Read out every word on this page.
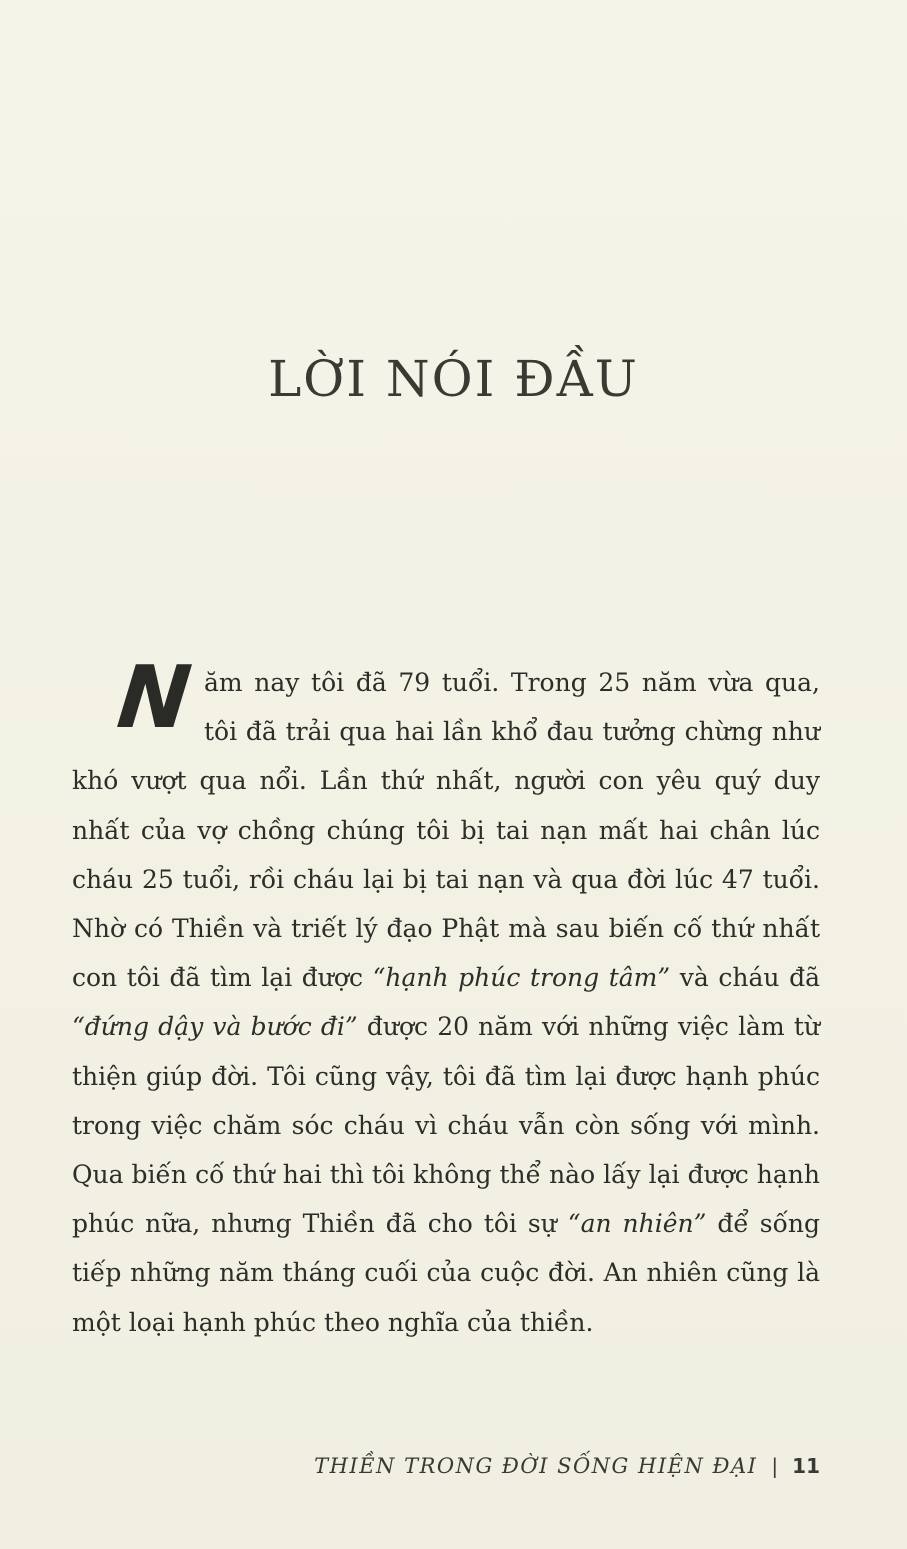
LỜI NÓI ĐẦU

Năm nay tôi đã 79 tuổi. Trong 25 năm vừa qua, tôi đã trải qua hai lần khổ đau tưởng chừng như khó vượt qua nổi. Lần thứ nhất, người con yêu quý duy nhất của vợ chồng chúng tôi bị tai nạn mất hai chân lúc cháu 25 tuổi, rồi cháu lại bị tai nạn và qua đời lúc 47 tuổi. Nhờ có Thiền và triết lý đạo Phật mà sau biến cố thứ nhất con tôi đã tìm lại được “hạnh phúc trong tâm” và cháu đã “đứng dậy và bước đi” được 20 năm với những việc làm từ thiện giúp đời. Tôi cũng vậy, tôi đã tìm lại được hạnh phúc trong việc chăm sóc cháu vì cháu vẫn còn sống với mình. Qua biến cố thứ hai thì tôi không thể nào lấy lại được hạnh phúc nữa, nhưng Thiền đã cho tôi sự “an nhiên” để sống tiếp những năm tháng cuối của cuộc đời. An nhiên cũng là một loại hạnh phúc theo nghĩa của thiền.

THIỀN TRONG ĐỜI SỐNG HIỆN ĐẠI | 11
